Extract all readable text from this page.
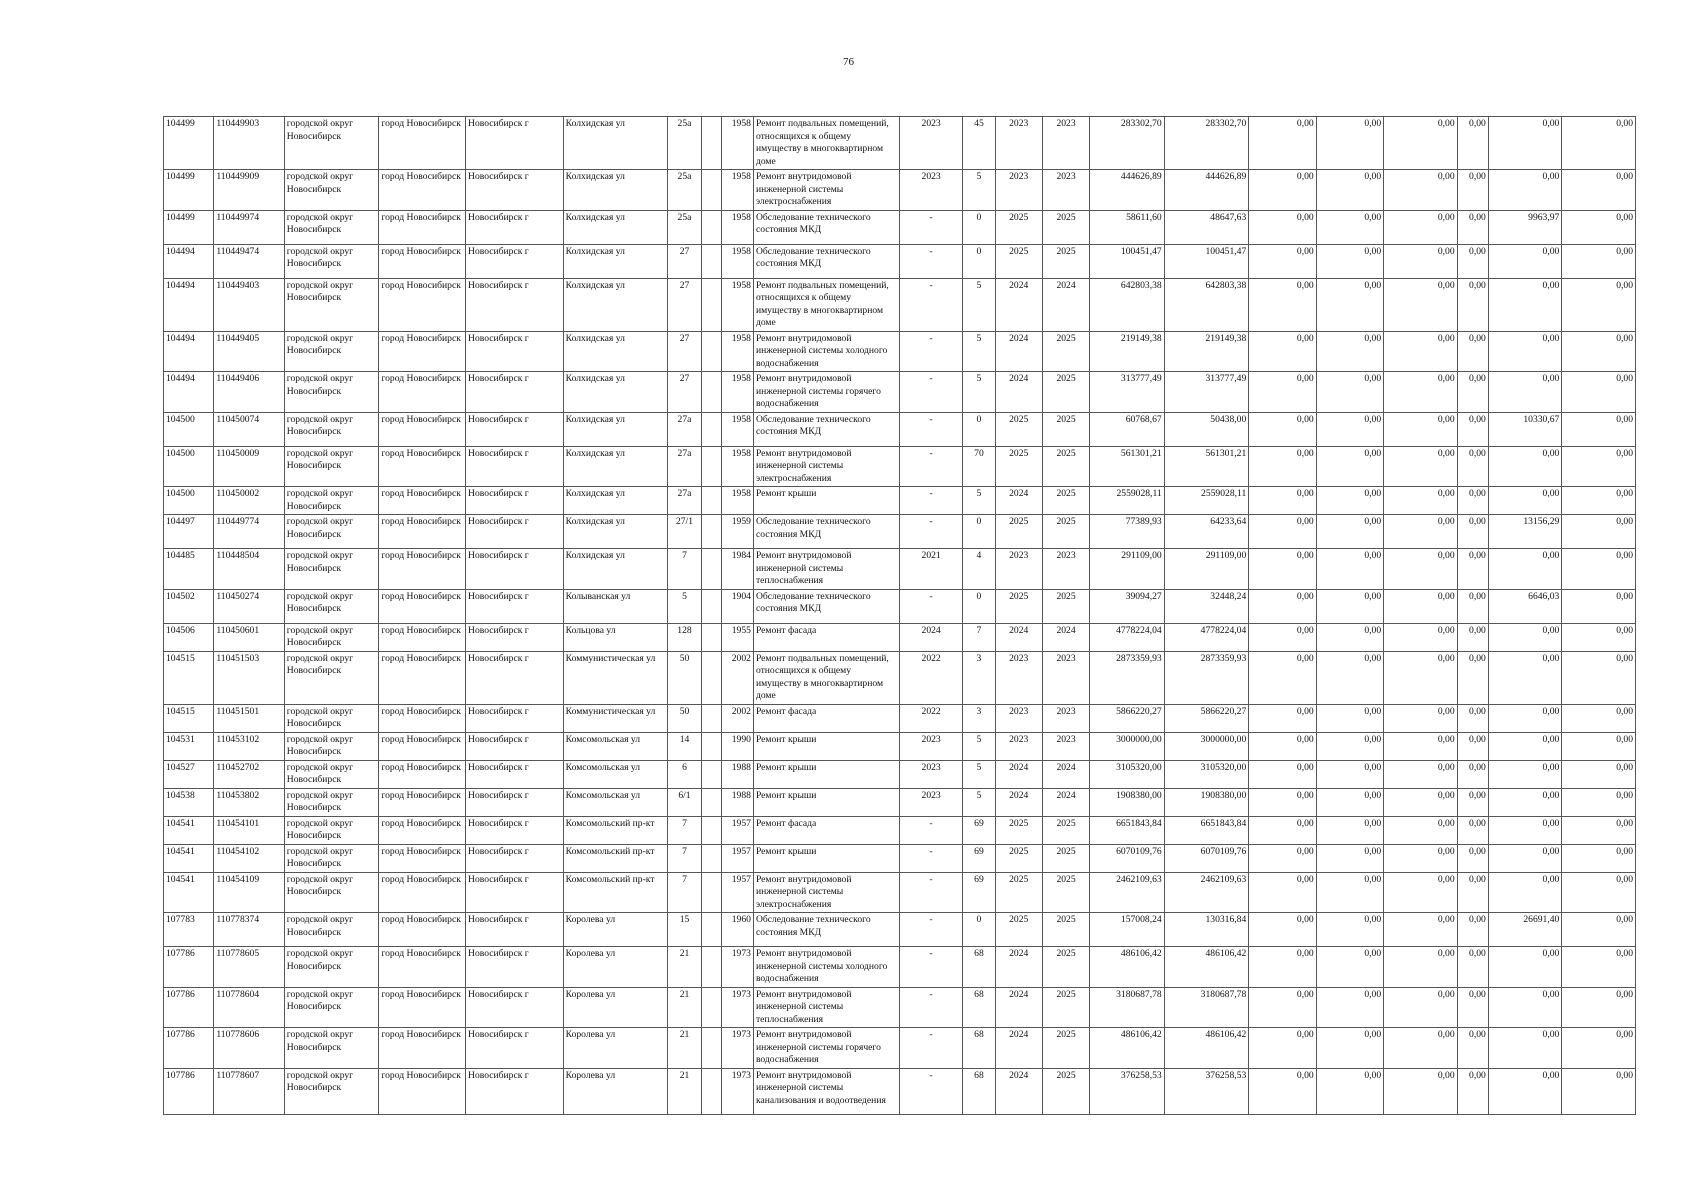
76
104499	110449903	городской округ Новосибирск	город Новосибирск	Новосибирск г	Колхидская ул	25а		1958	Ремонт подвальных помещений, относящихся к общему имуществу в многоквартирном доме	2023	45	2023	2023	283302,70	283302,70	0,00	0,00	0,00	0,00	0,00	0,00
104499	110449909	городской округ Новосибирск	город Новосибирск	Новосибирск г	Колхидская ул	25а		1958	Ремонт внутридомовой инженерной системы электроснабжения	2023	5	2023	2023	444626,89	444626,89	0,00	0,00	0,00	0,00	0,00	0,00
104499	110449974	городской округ Новосибирск	город Новосибирск	Новосибирск г	Колхидская ул	25а		1958	Обследование технического состояния МКД	-	0	2025	2025	58611,60	48647,63	0,00	0,00	0,00	0,00	9963,97	0,00
104494	110449474	городской округ Новосибирск	город Новосибирск	Новосибирск г	Колхидская ул	27		1958	Обследование технического состояния МКД	-	0	2025	2025	100451,47	100451,47	0,00	0,00	0,00	0,00	0,00	0,00
104494	110449403	городской округ Новосибирск	город Новосибирск	Новосибирск г	Колхидская ул	27		1958	Ремонт подвальных помещений, относящихся к общему имуществу в многоквартирном доме	-	5	2024	2024	642803,38	642803,38	0,00	0,00	0,00	0,00	0,00	0,00
104494	110449405	городской округ Новосибирск	город Новосибирск	Новосибирск г	Колхидская ул	27		1958	Ремонт внутридомовой инженерной системы холодного водоснабжения	-	5	2024	2025	219149,38	219149,38	0,00	0,00	0,00	0,00	0,00	0,00
104494	110449406	городской округ Новосибирск	город Новосибирск	Новосибирск г	Колхидская ул	27		1958	Ремонт внутридомовой инженерной системы горячего водоснабжения	-	5	2024	2025	313777,49	313777,49	0,00	0,00	0,00	0,00	0,00	0,00
104500	110450074	городской округ Новосибирск	город Новосибирск	Новосибирск г	Колхидская ул	27а		1958	Обследование технического состояния МКД	-	0	2025	2025	60768,67	50438,00	0,00	0,00	0,00	0,00	10330,67	0,00
104500	110450009	городской округ Новосибирск	город Новосибирск	Новосибирск г	Колхидская ул	27а		1958	Ремонт внутридомовой инженерной системы электроснабжения	-	70	2025	2025	561301,21	561301,21	0,00	0,00	0,00	0,00	0,00	0,00
104500	110450002	городской округ Новосибирск	город Новосибирск	Новосибирск г	Колхидская ул	27а		1958	Ремонт крыши	-	5	2024	2025	2559028,11	2559028,11	0,00	0,00	0,00	0,00	0,00	0,00
104497	110449774	городской округ Новосибирск	город Новосибирск	Новосибирск г	Колхидская ул	27/1		1959	Обследование технического состояния МКД	-	0	2025	2025	77389,93	64233,64	0,00	0,00	0,00	0,00	13156,29	0,00
104485	110448504	городской округ Новосибирск	город Новосибирск	Новосибирск г	Колхидская ул	7		1984	Ремонт внутридомовой инженерной системы теплоснабжения	2021	4	2023	2023	291109,00	291109,00	0,00	0,00	0,00	0,00	0,00	0,00
104502	110450274	городской округ Новосибирск	город Новосибирск	Новосибирск г	Колыванская ул	5		1904	Обследование технического состояния МКД	-	0	2025	2025	39094,27	32448,24	0,00	0,00	0,00	0,00	6646,03	0,00
104506	110450601	городской округ Новосибирск	город Новосибирск	Новосибирск г	Кольцова ул	128		1955	Ремонт фасада	2024	7	2024	2024	4778224,04	4778224,04	0,00	0,00	0,00	0,00	0,00	0,00
104515	110451503	городской округ Новосибирск	город Новосибирск	Новосибирск г	Коммунистическая ул	50		2002	Ремонт подвальных помещений, относящихся к общему имуществу в многоквартирном доме	2022	3	2023	2023	2873359,93	2873359,93	0,00	0,00	0,00	0,00	0,00	0,00
104515	110451501	городской округ Новосибирск	город Новосибирск	Новосибирск г	Коммунистическая ул	50		2002	Ремонт фасада	2022	3	2023	2023	5866220,27	5866220,27	0,00	0,00	0,00	0,00	0,00	0,00
104531	110453102	городской округ Новосибирск	город Новосибирск	Новосибирск г	Комсомольская ул	14		1990	Ремонт крыши	2023	5	2023	2023	3000000,00	3000000,00	0,00	0,00	0,00	0,00	0,00	0,00
104527	110452702	городской округ Новосибирск	город Новосибирск	Новосибирск г	Комсомольская ул	6		1988	Ремонт крыши	2023	5	2024	2024	3105320,00	3105320,00	0,00	0,00	0,00	0,00	0,00	0,00
104538	110453802	городской округ Новосибирск	город Новосибирск	Новосибирск г	Комсомольская ул	6/1		1988	Ремонт крыши	2023	5	2024	2024	1908380,00	1908380,00	0,00	0,00	0,00	0,00	0,00	0,00
104541	110454101	городской округ Новосибирск	город Новосибирск	Новосибирск г	Комсомольский пр-кт	7		1957	Ремонт фасада	-	69	2025	2025	6651843,84	6651843,84	0,00	0,00	0,00	0,00	0,00	0,00
104541	110454102	городской округ Новосибирск	город Новосибирск	Новосибирск г	Комсомольский пр-кт	7		1957	Ремонт крыши	-	69	2025	2025	6070109,76	6070109,76	0,00	0,00	0,00	0,00	0,00	0,00
104541	110454109	городской округ Новосибирск	город Новосибирск	Новосибирск г	Комсомольский пр-кт	7		1957	Ремонт внутридомовой инженерной системы электроснабжения	-	69	2025	2025	2462109,63	2462109,63	0,00	0,00	0,00	0,00	0,00	0,00
107783	110778374	городской округ Новосибирск	город Новосибирск	Новосибирск г	Королева ул	15		1960	Обследование технического состояния МКД	-	0	2025	2025	157008,24	130316,84	0,00	0,00	0,00	0,00	26691,40	0,00
107786	110778605	городской округ Новосибирск	город Новосибирск	Новосибирск г	Королева ул	21		1973	Ремонт внутридомовой инженерной системы холодного водоснабжения	-	68	2024	2025	486106,42	486106,42	0,00	0,00	0,00	0,00	0,00	0,00
107786	110778604	городской округ Новосибирск	город Новосибирск	Новосибирск г	Королева ул	21		1973	Ремонт внутридомовой инженерной системы теплоснабжения	-	68	2024	2025	3180687,78	3180687,78	0,00	0,00	0,00	0,00	0,00	0,00
107786	110778606	городской округ Новосибирск	город Новосибирск	Новосибирск г	Королева ул	21		1973	Ремонт внутридомовой инженерной системы горячего водоснабжения	-	68	2024	2025	486106,42	486106,42	0,00	0,00	0,00	0,00	0,00	0,00
107786	110778607	городской округ Новосибирск	город Новосибирск	Новосибирск г	Королева ул	21		1973	Ремонт внутридомовой инженерной системы канализования и водоотведения	-	68	2024	2025	376258,53	376258,53	0,00	0,00	0,00	0,00	0,00	0,00
